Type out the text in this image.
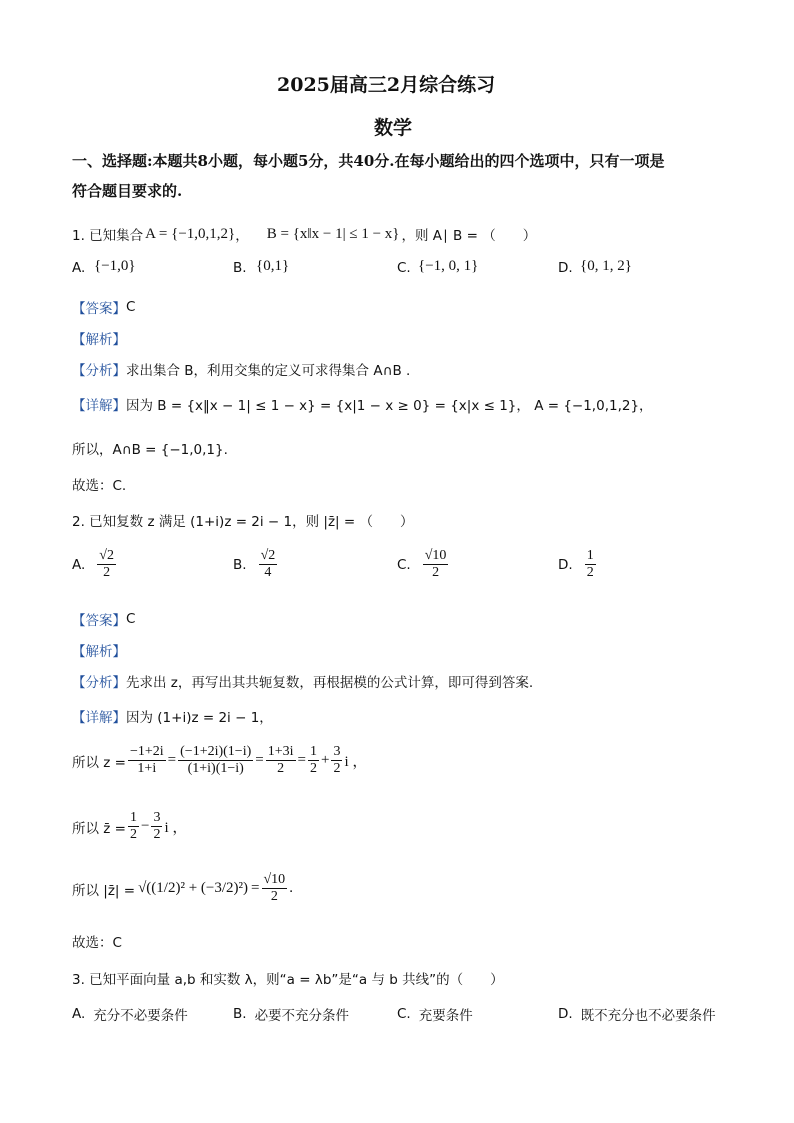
2025届高三2月综合练习
数学
一、选择题:本题共8小题，每小题5分，共40分.在每小题给出的四个选项中，只有一项是
符合题目要求的.
1. 已知集合 A = {−1,0,1,2} ， B = {x‖x − 1| ≤ 1 − x} ，则 A∣ B = （　　）
A. {−1,0}	B. {0,1}	C. {−1, 0, 1}	D. {0, 1, 2}
【答案】 C
【解析】
【分析】 求出集合 B，利用交集的定义可求得集合 A∩B .
【详解】 因为 B = {x‖x − 1| ≤ 1 − x} = {x|1 − x ≥ 0} = {x|x ≤ 1}， A = {−1,0,1,2}，
所以，A∩B = {−1,0,1}.
故选：C.
2. 已知复数 z 满足 (1+i)z = 2i − 1，则 |z̄| = （　　）
A. $\frac{√2}{2}$	B. $\frac{√2}{4}$	C. $\frac{√10}{2}$	D. $\frac{1}{2}$
【答案】 C
【解析】
【分析】 先求出 z，再写出其共轭复数，再根据模的公式计算，即可得到答案.
【详解】 因为 (1+i)z = 2i − 1，
所以 $z = \frac{-1+2i}{1+i} = \frac{(-1+2i)(1-i)}{(1+i)(1-i)} = \frac{1+3i}{2} = \frac{1}{2} + \frac{3}{2}$ i ，
所以 z̄ = $\frac{1}{2} - \frac{3}{2}$ i ，
所以 |z̄| = $√((1/2)^2 + (-3/2)^2) = \frac{√10}{2}$ .
故选：C
3. 已知平面向量 a,b 和实数 λ，则“a = λb”是“a 与 b 共线”的（　　）
A. 充分不必要条件	B. 必要不充分条件	C. 充要条件	D. 既不充分也不必要条件
